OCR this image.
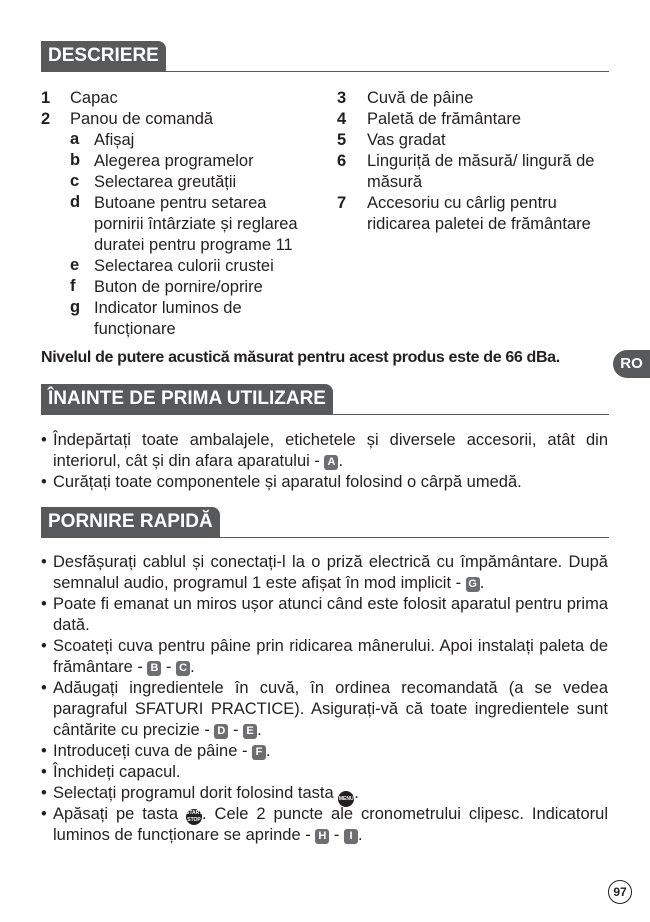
DESCRIERE
1 Capac
2 Panou de comandă
a Afișaj
b Alegerea programelor
c Selectarea greutății
d Butoane pentru setarea pornirii întârziate și reglarea duratei pentru programe 11
e Selectarea culorii crustei
f Buton de pornire/oprire
g Indicator luminos de funcționare
3 Cuvă de pâine
4 Paletă de frământare
5 Vas gradat
6 Linguriță de măsură/ lingură de măsură
7 Accesoriu cu cârlig pentru ridicarea paletei de frământare
Nivelul de putere acustică măsurat pentru acest produs este de 66 dBa.	RO
ÎNAINTE DE PRIMA UTILIZARE
• Îndepărtați toate ambalajele, etichetele și diversele accesorii, atât din interiorul, cât și din afara aparatului - A .
• Curățați toate componentele și aparatul folosind o cârpă umedă.
PORNIRE RAPIDĂ
• Desfășurați cablul și conectați-l la o priză electrică cu împământare. După semnalul audio, programul 1 este afișat în mod implicit - G .
• Poate fi emanat un miros ușor atunci când este folosit aparatul pentru prima dată.
• Scoateți cuva pentru pâine prin ridicarea mânerului. Apoi instalați paleta de frământare - B - C .
• Adăugați ingredientele în cuvă, în ordinea recomandată (a se vedea paragraful SFATURI PRACTICE). Asigurați-vă că toate ingredientele sunt cântărite cu precizie - D - E .
• Introduceți cuva de pâine - F .
• Închideți capacul.
• Selectați programul dorit folosind tasta MENU.
• Apăsați pe tasta START
STOP. Cele 2 puncte ale cronometrului clipesc. Indicatorul luminos de funcționare se aprinde - H - I .
97
